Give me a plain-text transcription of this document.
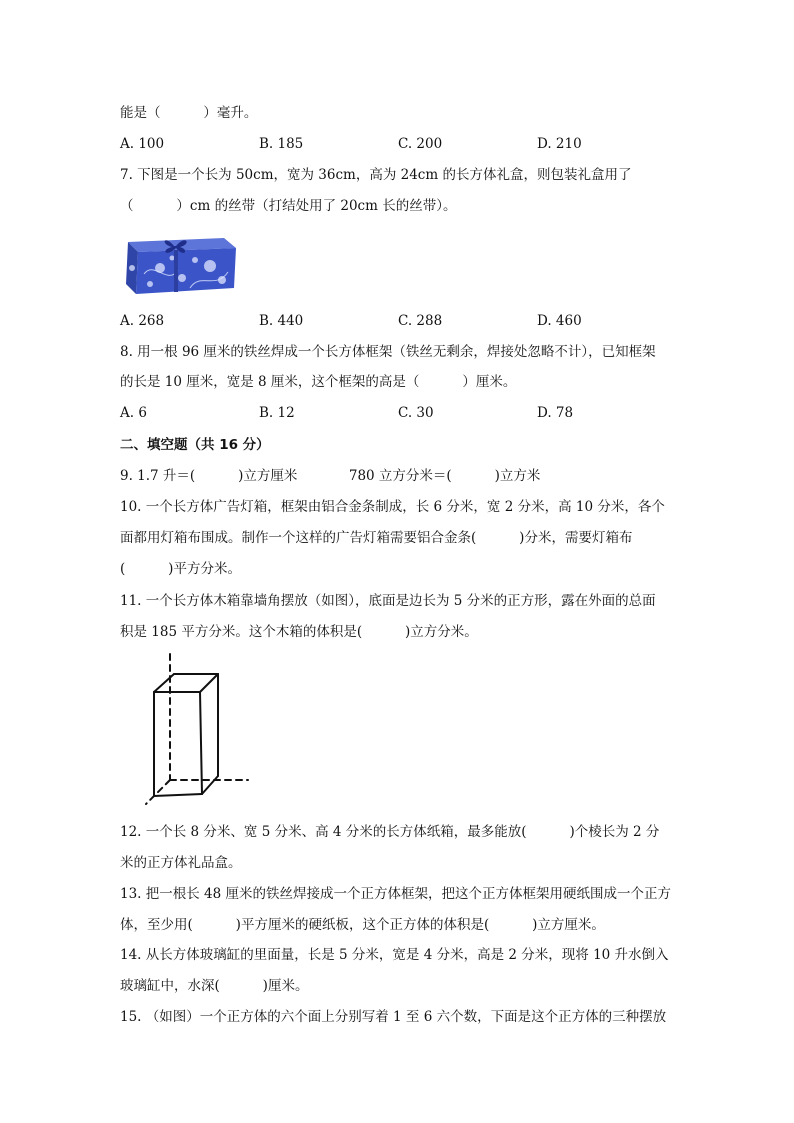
能是（          ）毫升。
A. 100	B. 185	C. 200	D. 210
7. 下图是一个长为 50cm，宽为 36cm，高为 24cm 的长方体礼盒，则包装礼盒用了
（          ）cm 的丝带（打结处用了 20cm 长的丝带）。
A. 268	B. 440	C. 288	D. 460
8. 用一根 96 厘米的铁丝焊成一个长方体框架（铁丝无剩余，焊接处忽略不计），已知框架
的长是 10 厘米，宽是 8 厘米，这个框架的高是（          ）厘米。
A. 6	B. 12	C. 30	D. 78
二、填空题（共 16 分）
9. 1.7 升＝(          )立方厘米            780 立方分米＝(          )立方米
10. 一个长方体广告灯箱，框架由铝合金条制成，长 6 分米，宽 2 分米，高 10 分米，各个
面都用灯箱布围成。制作一个这样的广告灯箱需要铝合金条(          )分米，需要灯箱布
(          )平方分米。
11. 一个长方体木箱靠墙角摆放（如图），底面是边长为 5 分米的正方形，露在外面的总面
积是 185 平方分米。这个木箱的体积是(          )立方分米。
12. 一个长 8 分米、宽 5 分米、高 4 分米的长方体纸箱，最多能放(          )个棱长为 2 分
米的正方体礼品盒。
13. 把一根长 48 厘米的铁丝焊接成一个正方体框架，把这个正方体框架用硬纸围成一个正方
体，至少用(          )平方厘米的硬纸板，这个正方体的体积是(          )立方厘米。
14. 从长方体玻璃缸的里面量，长是 5 分米，宽是 4 分米，高是 2 分米，现将 10 升水倒入
玻璃缸中，水深(          )厘米。
15. （如图）一个正方体的六个面上分别写着 1 至 6 六个数，下面是这个正方体的三种摆放
